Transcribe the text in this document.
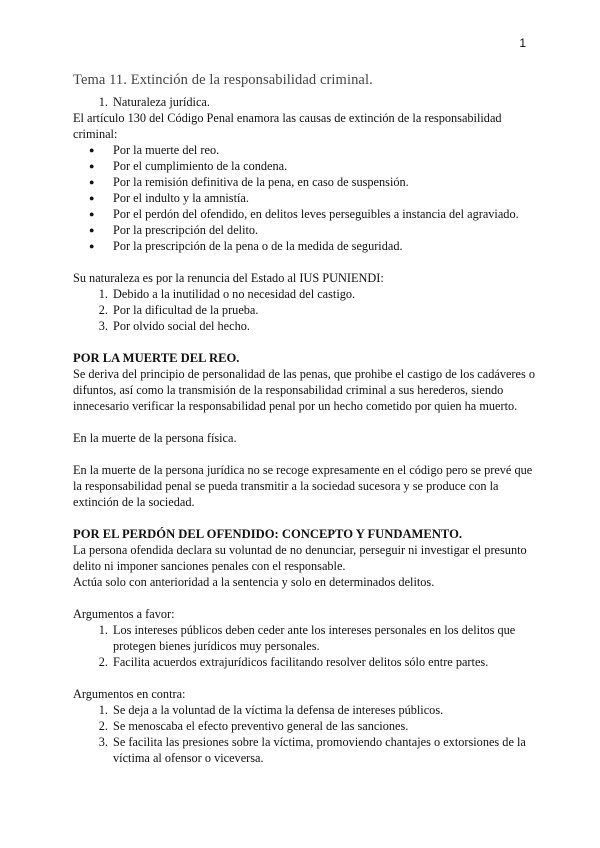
1
Tema 11. Extinción de la responsabilidad criminal.
1. Naturaleza jurídica.

El artículo 130 del Código Penal enamora las causas de extinción de la responsabilidad criminal:

● Por la muerte del reo.
● Por el cumplimiento de la condena.
● Por la remisión definitiva de la pena, en caso de suspensión.
● Por el indulto y la amnistía.
● Por el perdón del ofendido, en delitos leves perseguibles a instancia del agraviado.
● Por la prescripción del delito.
● Por la prescripción de la pena o de la medida de seguridad.

Su naturaleza es por la renuncia del Estado al IUS PUNIENDI:

1. Debido a la inutilidad o no necesidad del castigo.
2. Por la dificultad de la prueba.
3. Por olvido social del hecho.

POR LA MUERTE DEL REO.

Se deriva del principio de personalidad de las penas, que prohibe el castigo de los cadáveres o difuntos, así como la transmisión de la responsabilidad criminal a sus herederos, siendo innecesario verificar la responsabilidad penal por un hecho cometido por quien ha muerto.

En la muerte de la persona física.

En la muerte de la persona jurídica no se recoge expresamente en el código pero se prevé que la responsabilidad penal se pueda transmitir a la sociedad sucesora y se produce con la extinción de la sociedad.

POR EL PERDÓN DEL OFENDIDO: CONCEPTO Y FUNDAMENTO.

La persona ofendida declara su voluntad de no denunciar, perseguir ni investigar el presunto delito ni imponer sanciones penales con el responsable.

Actúa solo con anterioridad a la sentencia y solo en determinados delitos.

Argumentos a favor:

1. Los intereses públicos deben ceder ante los intereses personales en los delitos que protegen bienes jurídicos muy personales.
2. Facilita acuerdos extrajurídicos facilitando resolver delitos sólo entre partes.

Argumentos en contra:

1. Se deja a la voluntad de la víctima la defensa de intereses públicos.
2. Se menoscaba el efecto preventivo general de las sanciones.
3. Se facilita las presiones sobre la víctima, promoviendo chantajes o extorsiones de la víctima al ofensor o viceversa.
